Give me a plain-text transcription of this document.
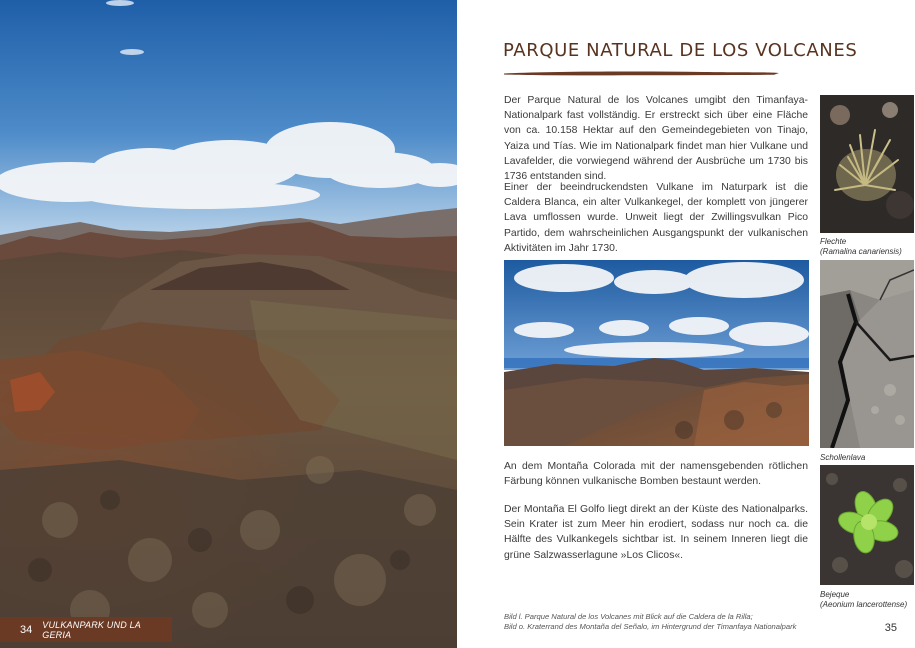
34 VULKANPARK UND LA GERIA
PARQUE NATURAL DE LOS VOLCANES

Der Parque Natural de los Volcanes umgibt den Timanfaya-Nationalpark fast vollständig. Er erstreckt sich über eine Fläche von ca. 10.158 Hektar auf den Gemeindegebieten von Tinajo, Yaiza und Tías. Wie im Nationalpark findet man hier Vulkane und Lavafelder, die vorwiegend während der Ausbrüche um 1730 bis 1736 entstanden sind.

Einer der beeindruckendsten Vulkane im Naturpark ist die Caldera Blanca, ein alter Vulkankegel, der komplett von jüngerer Lava umflossen wurde. Unweit liegt der Zwillingsvulkan Pico Partido, dem wahrscheinlichen Ausgangspunkt der vulkanischen Aktivitäten im Jahr 1730.

An dem Montaña Colorada mit der namensgebenden rötlichen Färbung können vulkanische Bomben bestaunt werden.

Der Montaña El Golfo liegt direkt an der Küste des Nationalparks. Sein Krater ist zum Meer hin erodiert, sodass nur noch ca. die Hälfte des Vulkankegels sichtbar ist. In seinem Inneren liegt die grüne Salzwasserlagune »Los Clicos«.

Flechte
(Ramalina canariensis)
Schollenlava
Bejeque
(Aeonium lancerottense)
Bild l. Parque Natural de los Volcanes mit Blick auf die Caldera de la Rilla;
Bild o. Kraterrand des Montaña del Señalo, im Hintergrund der Timanfaya Nationalpark	35
